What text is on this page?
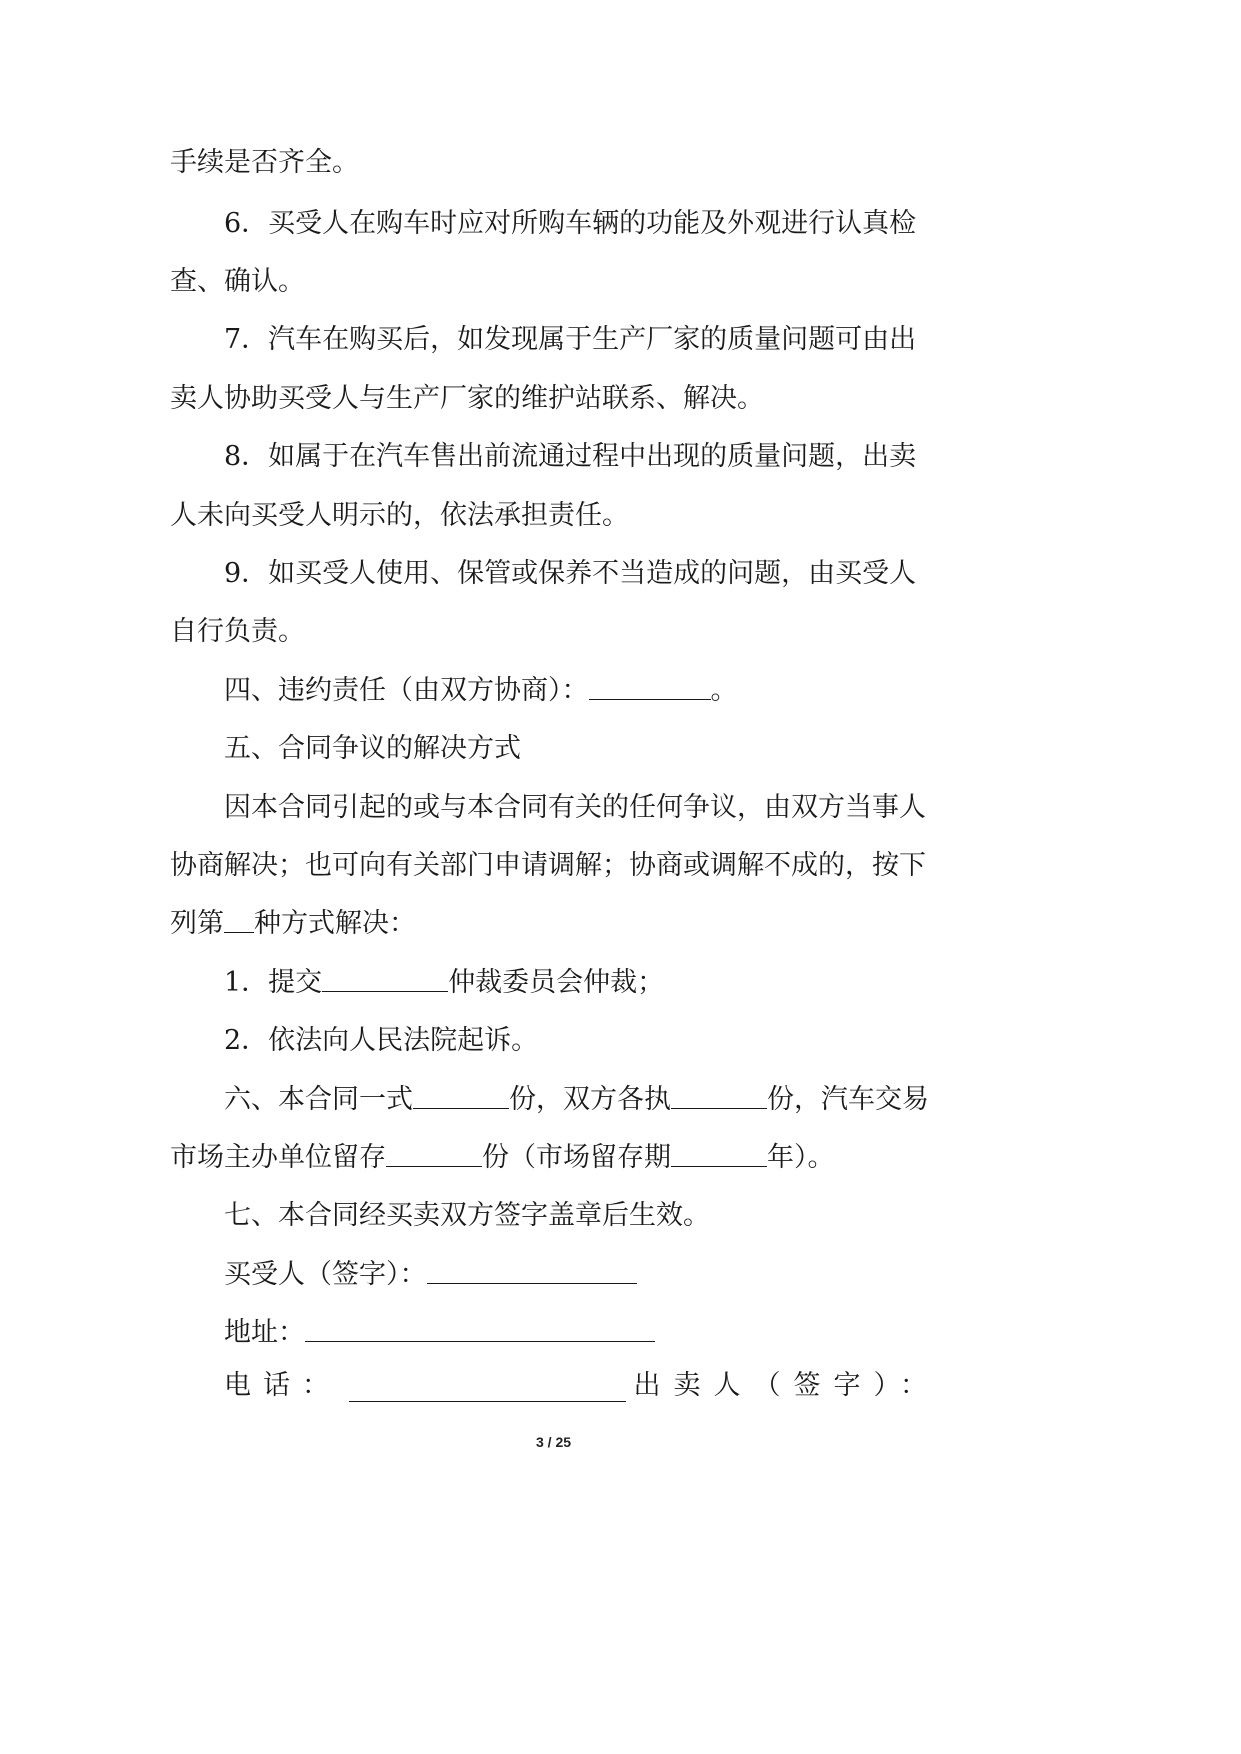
手续是否齐全。
6．买受人在购车时应对所购车辆的功能及外观进行认真检
查、确认。
7．汽车在购买后，如发现属于生产厂家的质量问题可由出
卖人协助买受人与生产厂家的维护站联系、解决。
8．如属于在汽车售出前流通过程中出现的质量问题，出卖
人未向买受人明示的，依法承担责任。
9．如买受人使用、保管或保养不当造成的问题，由买受人
自行负责。
四、违约责任（由双方协商）：	。
五、合同争议的解决方式
因本合同引起的或与本合同有关的任何争议，由双方当事人
协商解决；也可向有关部门申请调解；协商或调解不成的，按下
列第 种方式解决：
1．提交	仲裁委员会仲裁；
2．依法向人民法院起诉。
六、本合同一式	份，双方各执	份，汽车交易
市场主办单位留存	份（市场留存期	年）。
七、本合同经买卖双方签字盖章后生效。
买受人（签字）：
地址：
电话：	出卖人（签字）：
3 / 25
